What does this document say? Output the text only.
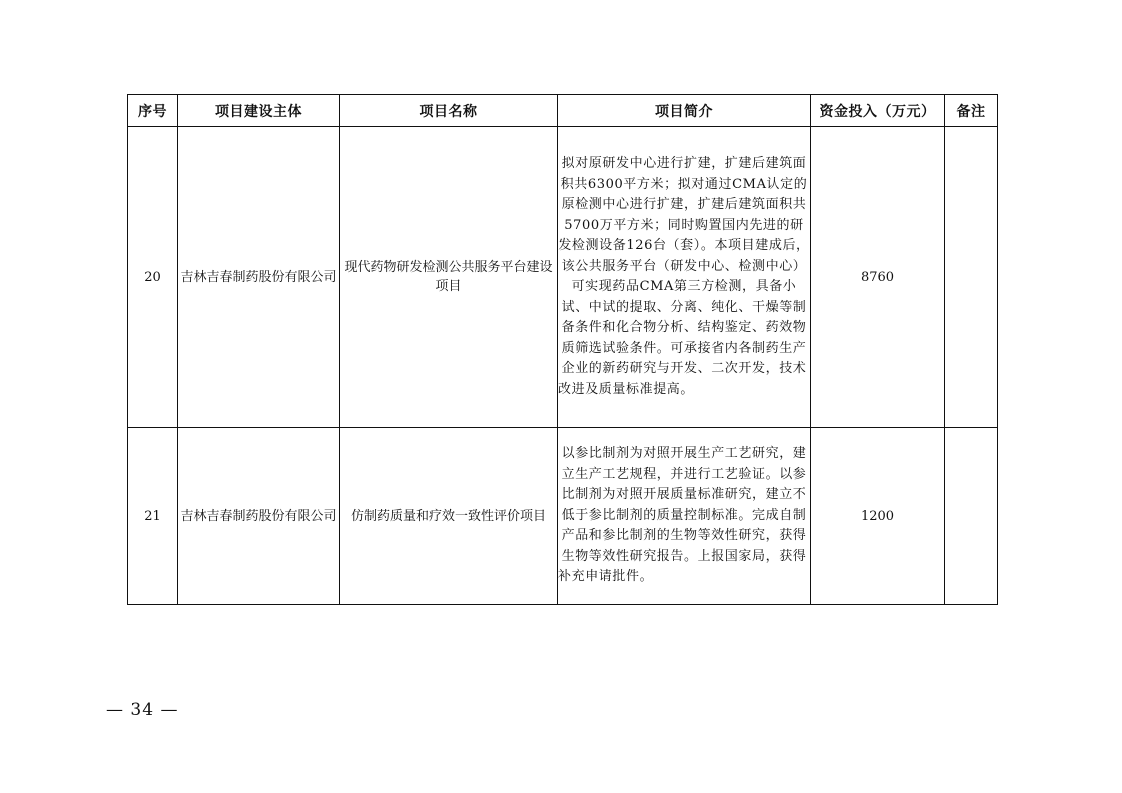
序号	项目建设主体	项目名称	项目简介	资金投入（万元）	备注
20	吉林吉春制药股份有限公司	现代药物研发检测公共服务平台建设项目	拟对原研发中心进行扩建，扩建后建筑面积共6300平方米；拟对通过CMA认定的原检测中心进行扩建，扩建后建筑面积共5700万平方米；同时购置国内先进的研发检测设备126台（套）。本项目建成后，该公共服务平台（研发中心、检测中心）可实现药品CMA第三方检测，具备小试、中试的提取、分离、纯化、干燥等制备条件和化合物分析、结构鉴定、药效物质筛选试验条件。可承接省内各制药生产企业的新药研究与开发、二次开发，技术改进及质量标准提高。	8760	
21	吉林吉春制药股份有限公司	仿制药质量和疗效一致性评价项目	以参比制剂为对照开展生产工艺研究，建立生产工艺规程，并进行工艺验证。以参比制剂为对照开展质量标准研究，建立不低于参比制剂的质量控制标准。完成自制产品和参比制剂的生物等效性研究，获得生物等效性研究报告。上报国家局，获得补充申请批件。	1200	
— 34 —
